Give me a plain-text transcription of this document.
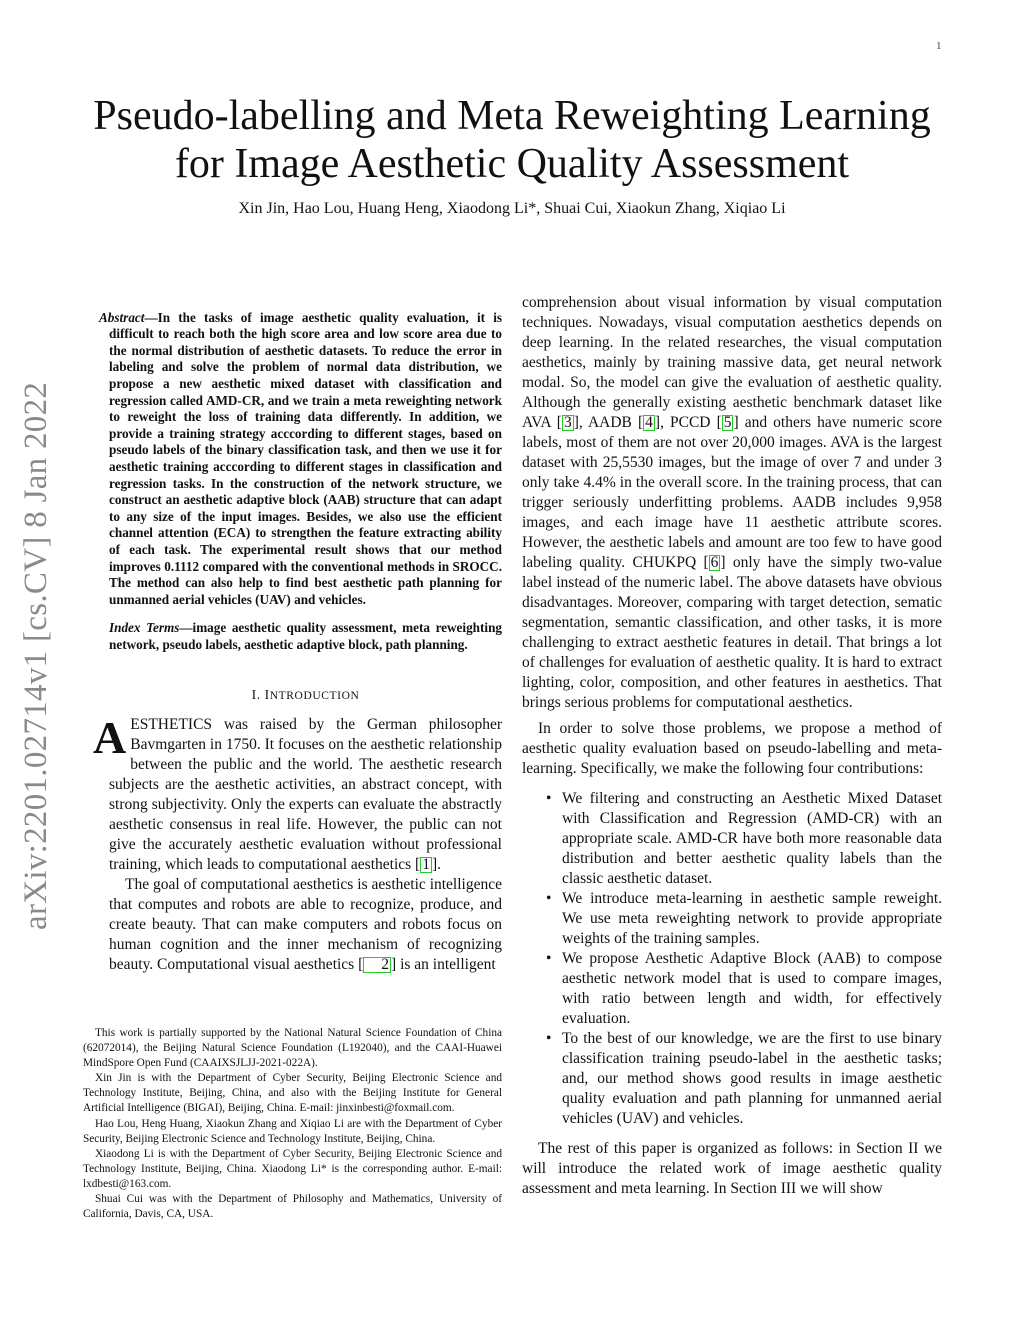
1
arXiv:2201.02714v1 [cs.CV] 8 Jan 2022
Pseudo-labelling and Meta Reweighting Learning
for Image Aesthetic Quality Assessment
Xin Jin, Hao Lou, Huang Heng, Xiaodong Li*, Shuai Cui, Xiaokun Zhang, Xiqiao Li

Abstract—In the tasks of image aesthetic quality evaluation, it is difficult to reach both the high score area and low score area due to the normal distribution of aesthetic datasets. To reduce the error in labeling and solve the problem of normal data distribution, we propose a new aesthetic mixed dataset with classification and regression called AMD-CR, and we train a meta reweighting network to reweight the loss of training data differently. In addition, we provide a training strategy acccording to different stages, based on pseudo labels of the binary classification task, and then we use it for aesthetic training acccording to different stages in classification and regression tasks. In the construction of the network structure, we construct an aesthetic adaptive block (AAB) structure that can adapt to any size of the input images. Besides, we also use the efficient channel attention (ECA) to strengthen the feature extracting ability of each task. The experimental result shows that our method improves 0.1112 compared with the conventional methods in SROCC. The method can also help to find best aesthetic path planning for unmanned aerial vehicles (UAV) and vehicles.

Index Terms—image aesthetic quality assessment, meta reweighting network, pseudo labels, aesthetic adaptive block, path planning.
I. INTRODUCTION

AESTHETICS was raised by the German philosopher Bavmgarten in 1750. It focuses on the aesthetic relationship between the public and the world. The aesthetic research subjects are the aesthetic activities, an abstract concept, with strong subjectivity. Only the experts can evaluate the abstractly aesthetic consensus in real life. However, the public can not give the accurately aesthetic evaluation without professional training, which leads to computational aesthetics [ 1 ].

The goal of computational aesthetics is aesthetic intelligence that computes and robots are able to recognize, produce, and create beauty. That can make computers and robots focus on human cognition and the inner mechanism of recognizing beauty. Computational visual aesthetics [ 2 ] is an intelligent

This work is partially supported by the National Natural Science Foundation of China (62072014), the Beijing Natural Science Foundation (L192040), and the CAAI-Huawei MindSpore Open Fund (CAAIXSJLJJ-2021-022A).

Xin Jin is with the Department of Cyber Security, Beijing Electronic Science and Technology Institute, Beijing, China, and also with the Beijing Institute for General Artificial Intelligence (BIGAI), Beijing, China. E-mail: jinxinbesti@foxmail.com.

Hao Lou, Heng Huang, Xiaokun Zhang and Xiqiao Li are with the Department of Cyber Security, Beijing Electronic Science and Technology Institute, Beijing, China.

Xiaodong Li is with the Department of Cyber Security, Beijing Electronic Science and Technology Institute, Beijing, China. Xiaodong Li* is the corresponding author. E-mail: lxdbesti@163.com.

Shuai Cui was with the Department of Philosophy and Mathematics, University of California, Davis, CA, USA.

comprehension about visual information by visual computation techniques. Nowadays, visual computation aesthetics depends on deep learning. In the related researches, the visual computation aesthetics, mainly by training massive data, get neural network modal. So, the model can give the evaluation of aesthetic quality. Although the generally existing aesthetic benchmark dataset like AVA [ 3 ], AADB [ 4 ], PCCD [ 5 ] and others have numeric score labels, most of them are not over 20,000 images. AVA is the largest dataset with 25,5530 images, but the image of over 7 and under 3 only take 4.4% in the overall score. In the training process, that can trigger seriously underfitting problems. AADB includes 9,958 images, and each image have 11 aesthetic attribute scores. However, the aesthetic labels and amount are too few to have good labeling quality. CHUKPQ [ 6 ] only have the simply two-value label instead of the numeric label. The above datasets have obvious disadvantages. Moreover, comparing with target detection, sematic segmentation, semantic classification, and other tasks, it is more challenging to extract aesthetic features in detail. That brings a lot of challenges for evaluation of aesthetic quality. It is hard to extract lighting, color, composition, and other features in aesthetics. That brings serious problems for computational aesthetics.

In order to solve those problems, we propose a method of aesthetic quality evaluation based on pseudo-labelling and meta-learning. Specifically, we make the following four contributions:

• We filtering and constructing an Aesthetic Mixed Dataset with Classification and Regression (AMD-CR) with an appropriate scale. AMD-CR have both more reasonable data distribution and better aesthetic quality labels than the classic aesthetic dataset.
• We introduce meta-learning in aesthetic sample reweight. We use meta reweighting network to provide appropriate weights of the training samples.
• We propose Aesthetic Adaptive Block (AAB) to compose aesthetic network model that is used to compare images, with ratio between length and width, for effectively evaluation.
• To the best of our knowledge, we are the first to use binary classification training pseudo-label in the aesthetic tasks; and, our method shows good results in image aesthetic quality evaluation and path planning for unmanned aerial vehicles (UAV) and vehicles.

The rest of this paper is organized as follows: in Section II we will introduce the related work of image aesthetic quality assessment and meta learning. In Section III we will show
